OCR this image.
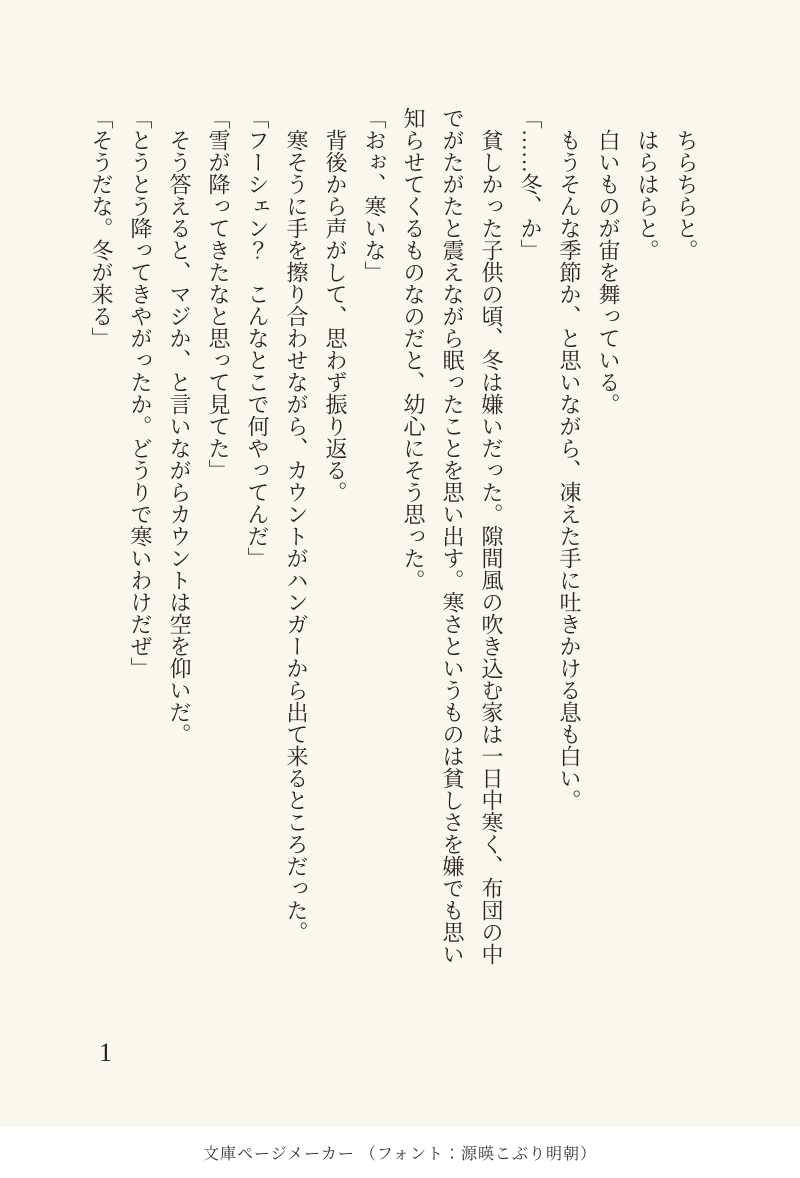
　ちらちらと。

　はらはらと。

　白いものが宙を舞っている。

　もうそんな季節か、と思いながら、凍えた手に吐きかける息も白い。

「……冬、か」

　貧しかった子供の頃、冬は嫌いだった。隙間風の吹き込む家は一日中寒く、布団の中でがたがたと震えながら眠ったことを思い出す。寒さというものは貧しさを嫌でも思い知らせてくるものなのだと、幼心にそう思った。

「おぉ、寒いな」

　背後から声がして、思わず振り返る。

　寒そうに手を擦り合わせながら、カウントがハンガーから出て来るところだった。

「フーシェン？　こんなとこで何やってんだ」

「雪が降ってきたなと思って見てた」

　そう答えると、マジか、と言いながらカウントは空を仰いだ。

「とうとう降ってきやがったか。どうりで寒いわけだぜ」

「そうだな。冬が来る」

1
文庫ページメーカー （フォント：源暎こぶり明朝）
